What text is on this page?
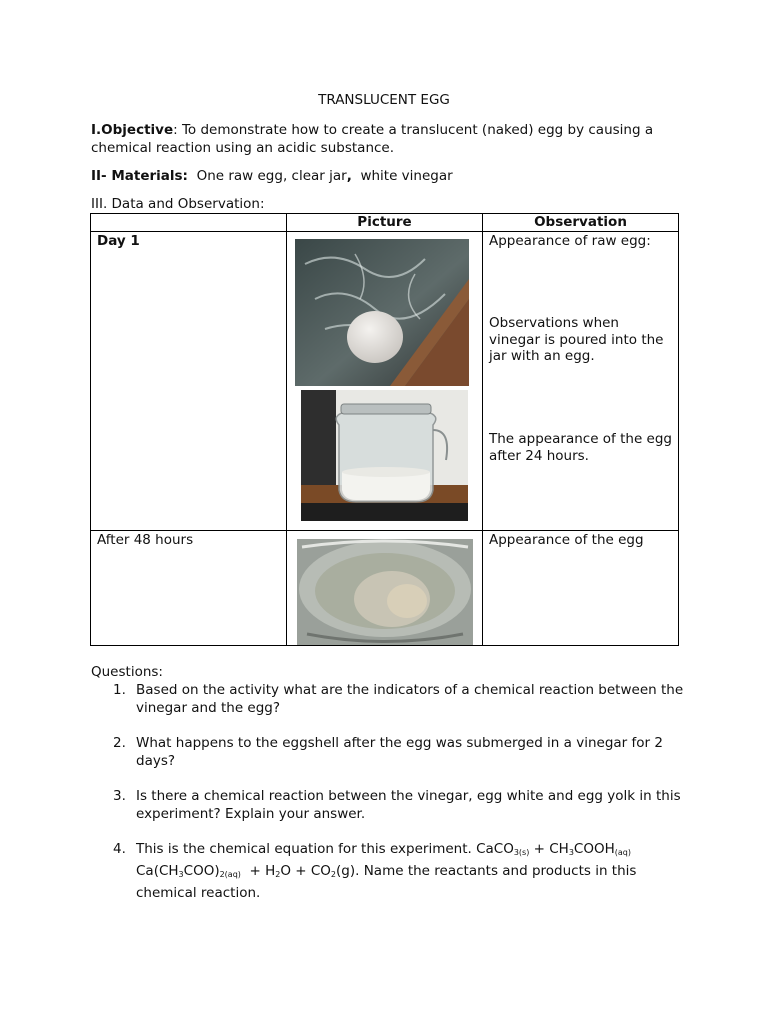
TRANSLUCENT EGG
I.Objective: To demonstrate how to create a translucent (naked) egg by causing a chemical reaction using an acidic substance.
II- Materials: One raw egg, clear jar, white vinegar
III. Data and Observation:
	Picture	Observation

Day 1		Appearance of raw egg:
Observations when vinegar is poured into the jar with an egg.
The appearance of the egg after 24 hours.

After 48 hours		Appearance of the egg
Questions:
1. Based on the activity what are the indicators of a chemical reaction between the vinegar and the egg?
2. What happens to the eggshell after the egg was submerged in a vinegar for 2 days?
3. Is there a chemical reaction between the vinegar, egg white and egg yolk in this experiment? Explain your answer.
4. This is the chemical equation for this experiment. CaCO$_{3(s)}$ + $CH_3COOH_{(aq)}$ $Ca(CH_3COO)_{2(aq)} + H_2O + CO_2(g)$. Name the reactants and products in this chemical reaction.
